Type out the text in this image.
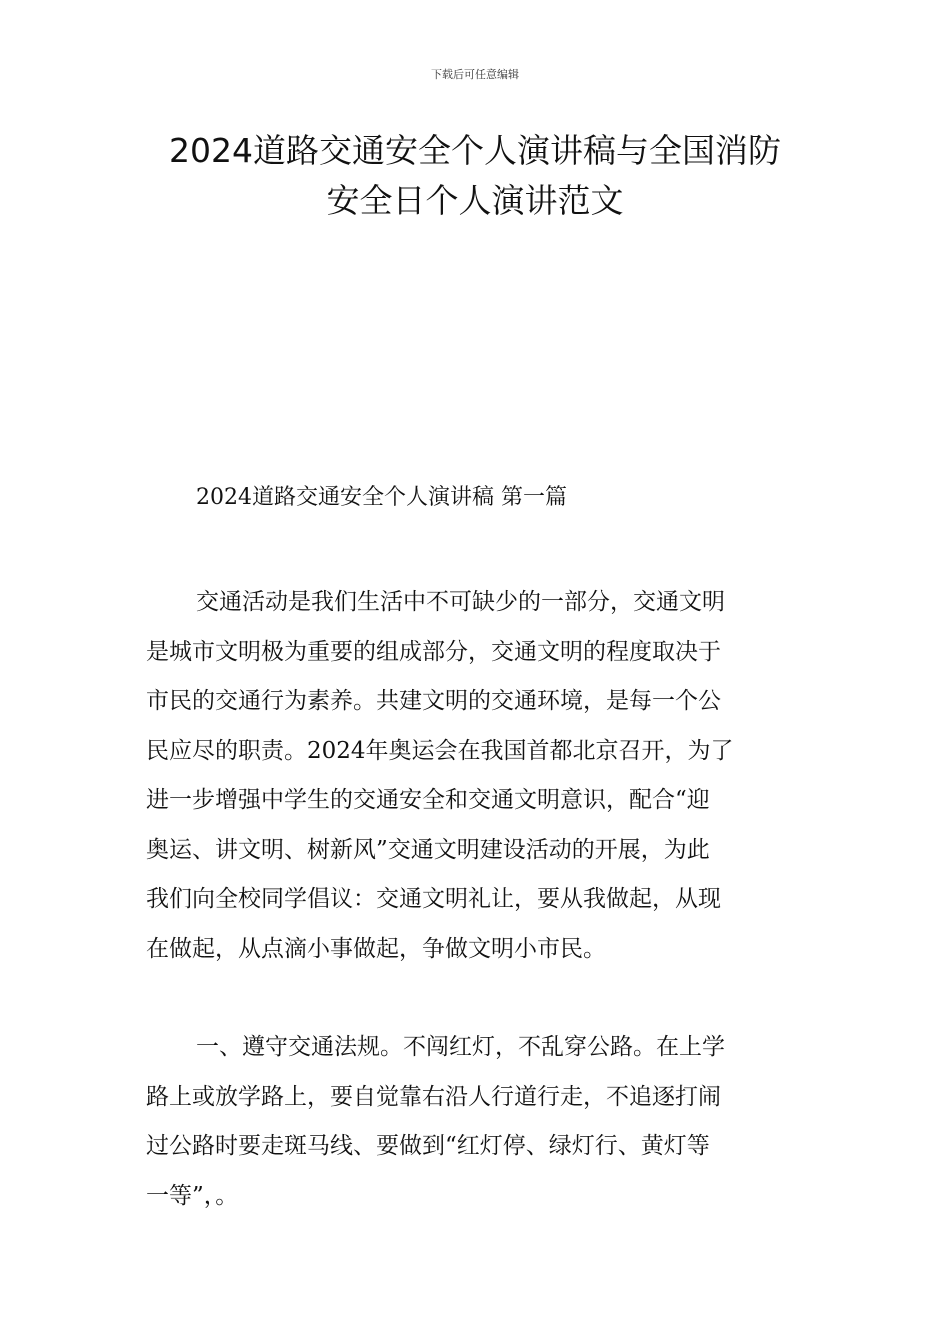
下载后可任意编辑
2024道路交通安全个人演讲稿与全国消防
安全日个人演讲范文
2024道路交通安全个人演讲稿 第一篇
交通活动是我们生活中不可缺少的一部分，交通文明
是城市文明极为重要的组成部分，交通文明的程度取决于
市民的交通行为素养。共建文明的交通环境，是每一个公
民应尽的职责。2024年奥运会在我国首都北京召开，为了
进一步增强中学生的交通安全和交通文明意识，配合“迎
奥运、讲文明、树新风”交通文明建设活动的开展，为此
我们向全校同学倡议：交通文明礼让，要从我做起，从现
在做起，从点滴小事做起，争做文明小市民。
一、遵守交通法规。不闯红灯，不乱穿公路。在上学
路上或放学路上，要自觉靠右沿人行道行走，不追逐打闹
过公路时要走斑马线、要做到“红灯停、绿灯行、黄灯等
一等”，。
